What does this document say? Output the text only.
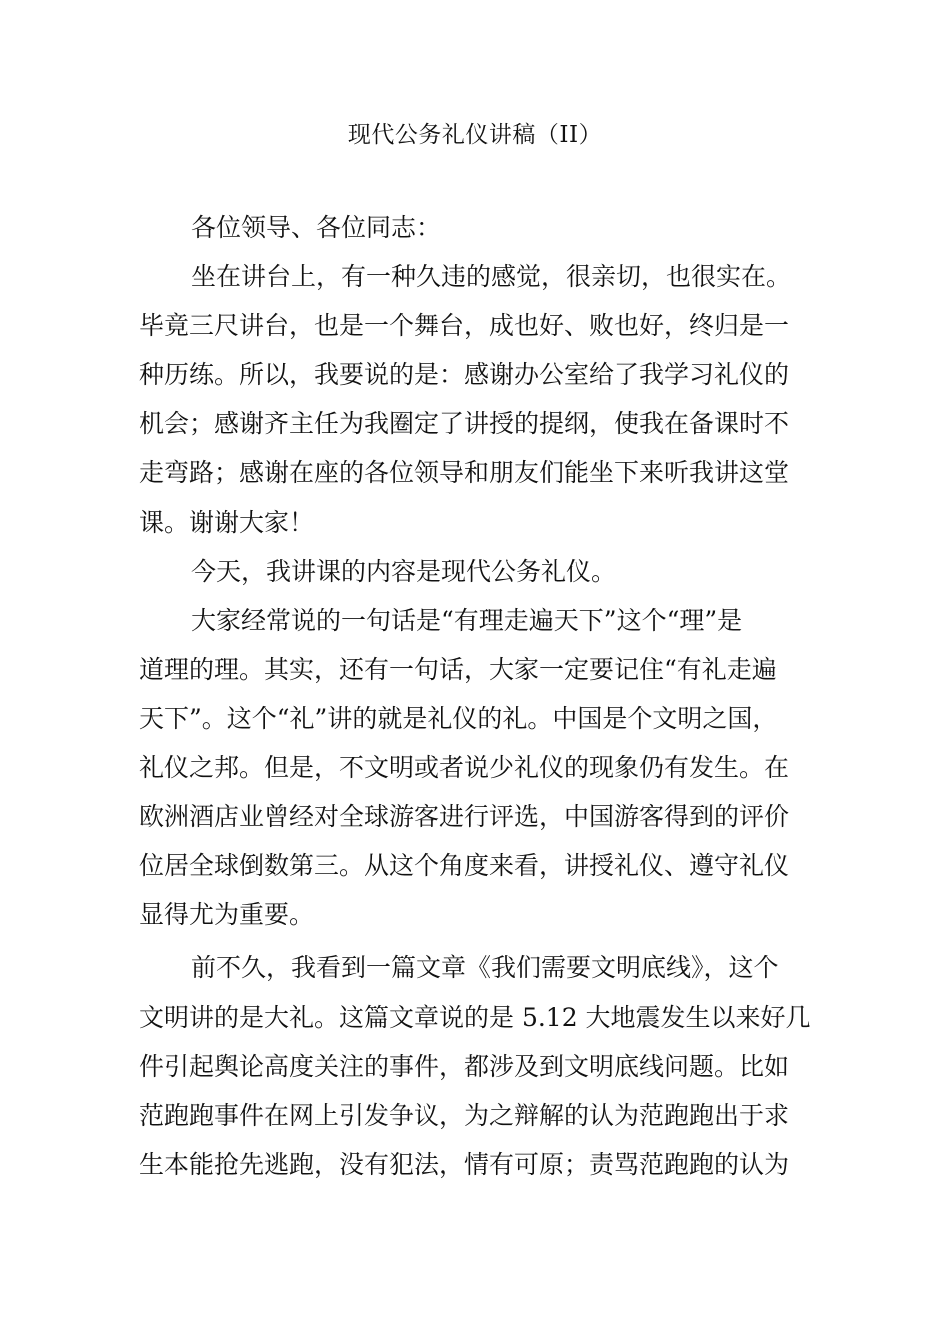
现代公务礼仪讲稿（II）
各位领导、各位同志：
坐在讲台上，有一种久违的感觉，很亲切，也很实在。
毕竟三尺讲台，也是一个舞台，成也好、败也好，终归是一
种历练。所以，我要说的是：感谢办公室给了我学习礼仪的
机会；感谢齐主任为我圈定了讲授的提纲，使我在备课时不
走弯路；感谢在座的各位领导和朋友们能坐下来听我讲这堂
课。谢谢大家！
今天，我讲课的内容是现代公务礼仪。
大家经常说的一句话是“有理走遍天下”这个“理”是
道理的理。其实，还有一句话，大家一定要记住“有礼走遍
天下”。这个“礼”讲的就是礼仪的礼。中国是个文明之国，
礼仪之邦。但是，不文明或者说少礼仪的现象仍有发生。在
欧洲酒店业曾经对全球游客进行评选，中国游客得到的评价
位居全球倒数第三。从这个角度来看，讲授礼仪、遵守礼仪
显得尤为重要。
前不久，我看到一篇文章《我们需要文明底线》，这个
文明讲的是大礼。这篇文章说的是 5.12 大地震发生以来好几
件引起舆论高度关注的事件，都涉及到文明底线问题。比如
范跑跑事件在网上引发争议，为之辩解的认为范跑跑出于求
生本能抢先逃跑，没有犯法，情有可原；责骂范跑跑的认为
